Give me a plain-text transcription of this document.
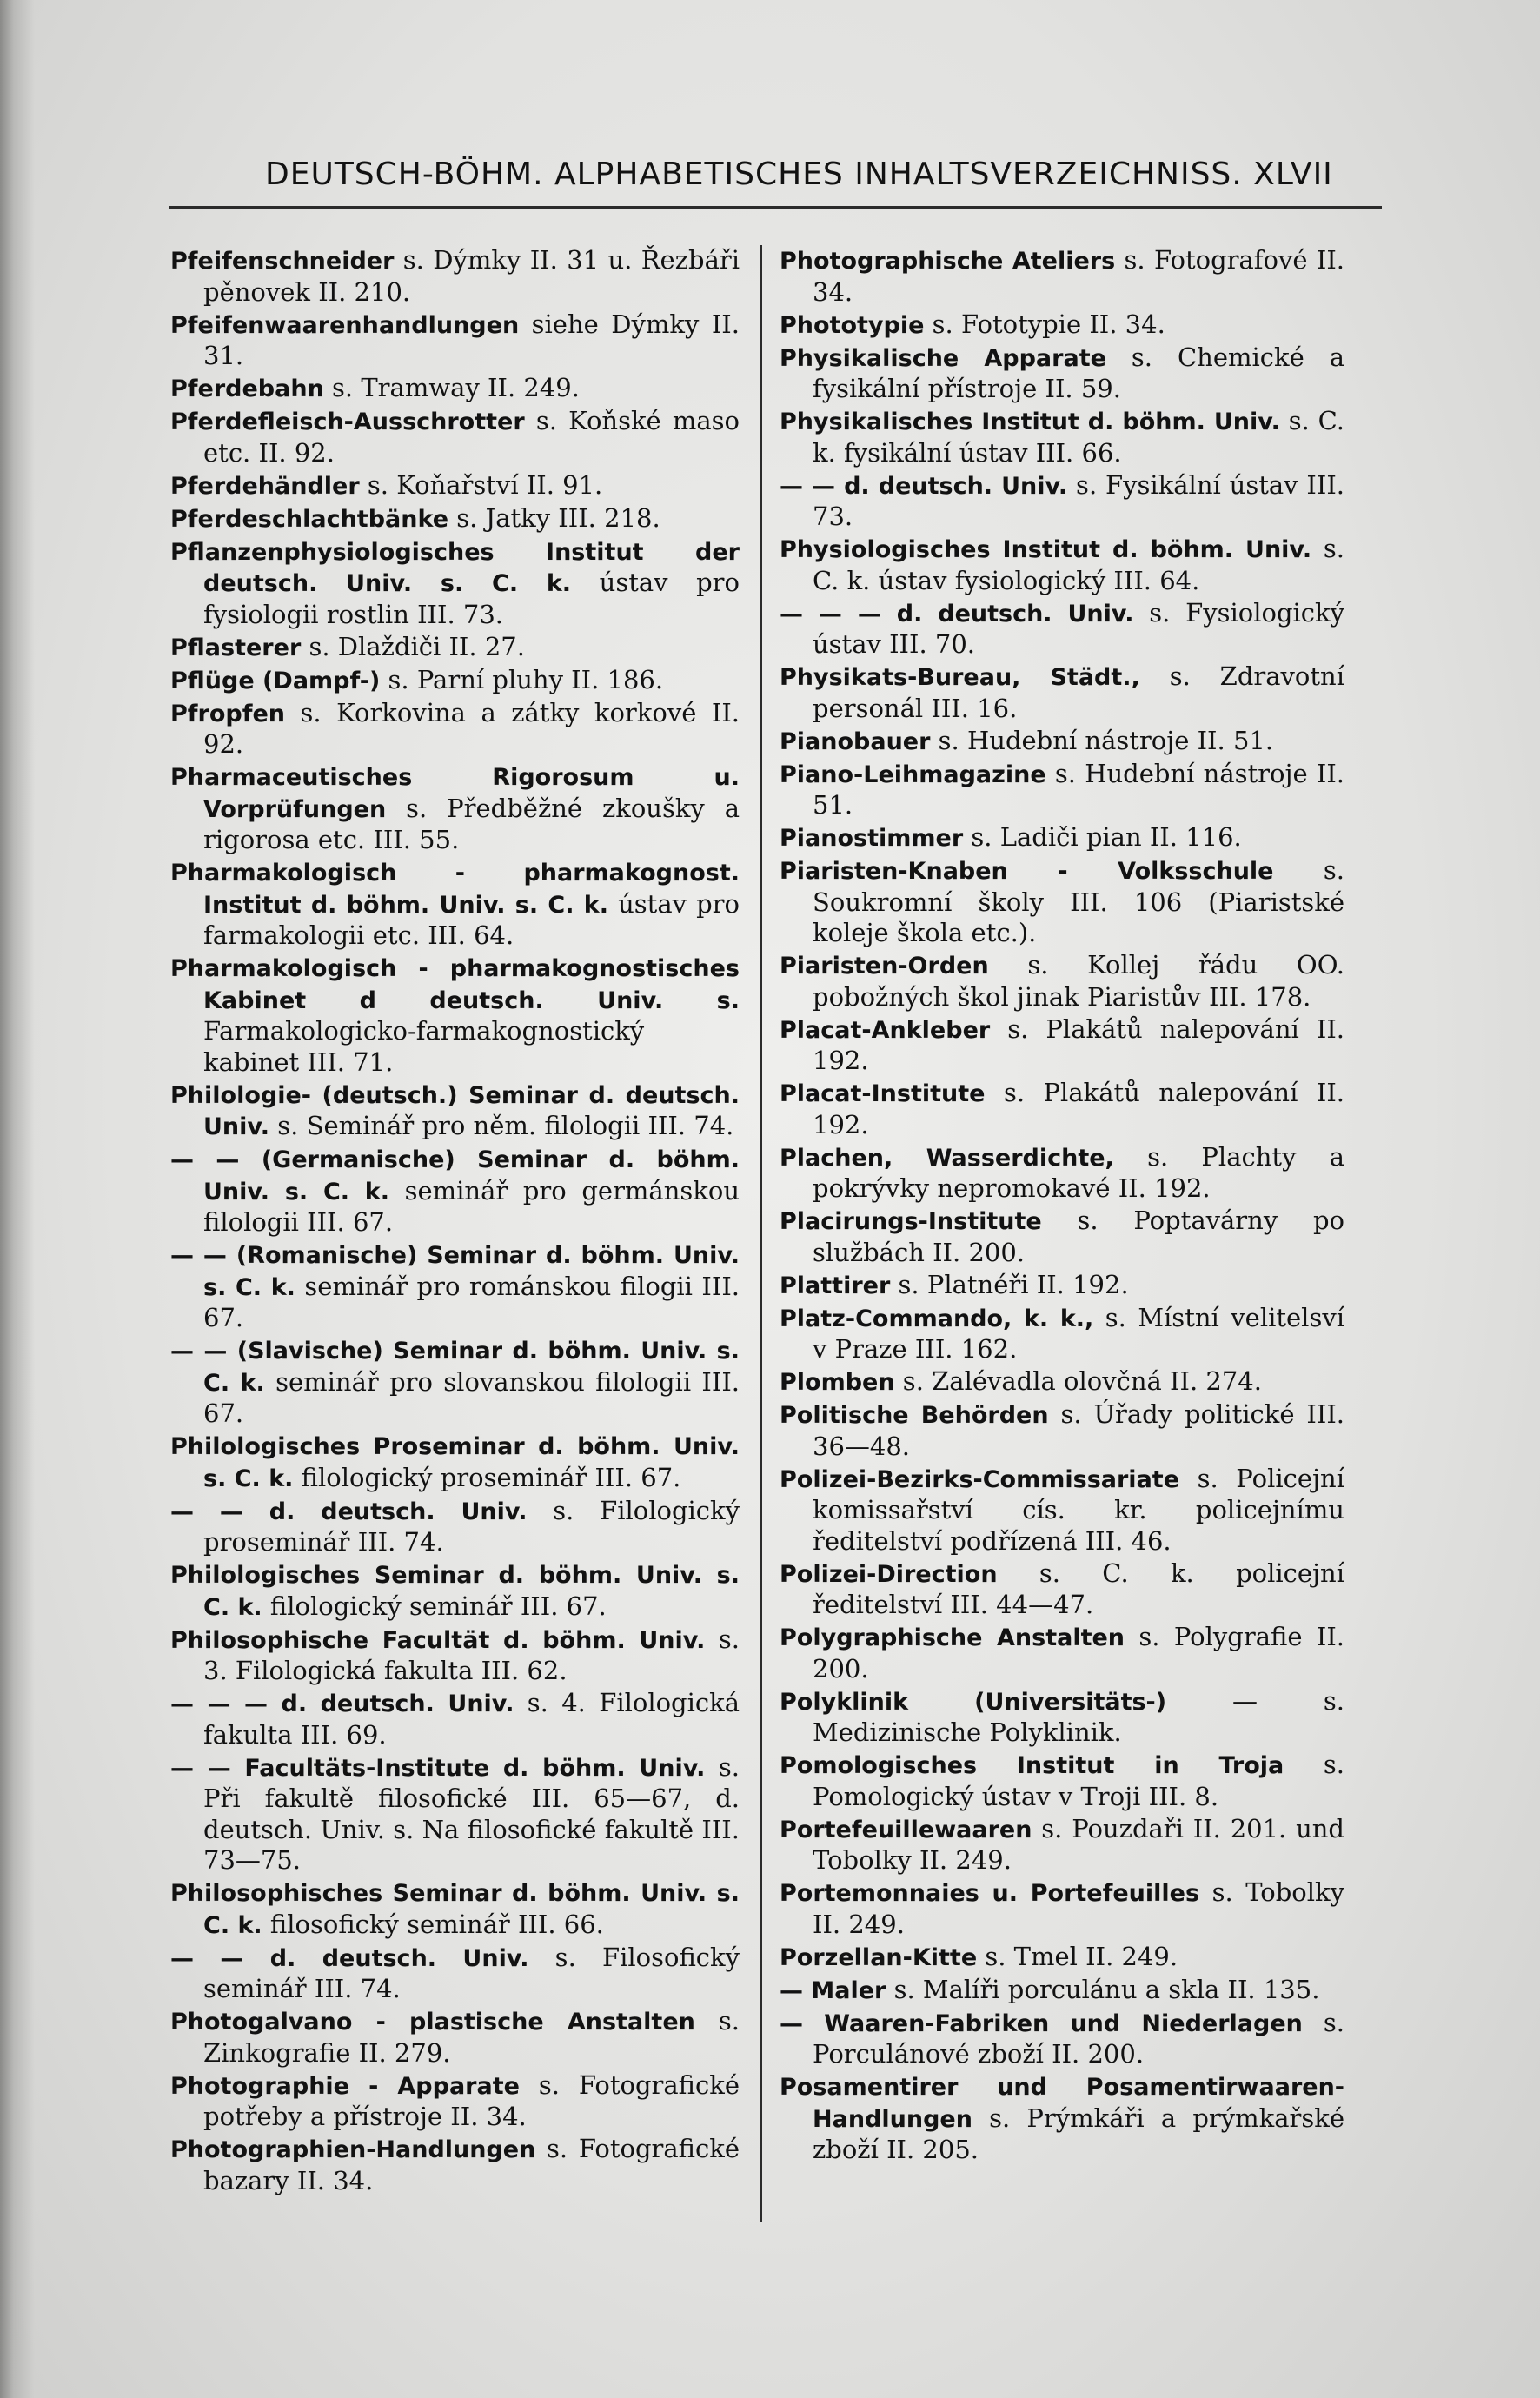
DEUTSCH-BÖHM. ALPHABETISCHES INHALTSVERZEICHNISS. XLVII

Pfeifenschneider s. Dýmky II. 31 u. Řezbáři pěnovek II. 210.

Pfeifenwaarenhandlungen siehe Dýmky II. 31.

Pferdebahn s. Tramway II. 249.

Pferdefleisch-Ausschrotter s. Koňské maso etc. II. 92.

Pferdehändler s. Koňařství II. 91.

Pferdeschlachtbänke s. Jatky III. 218.

Pflanzenphysiologisches Institut der deutsch. Univ. s. C. k. ústav pro fysiologii rostlin III. 73.

Pflasterer s. Dlaždiči II. 27.

Pflüge (Dampf-) s. Parní pluhy II. 186.

Pfropfen s. Korkovina a zátky korkové II. 92.

Pharmaceutisches Rigorosum u. Vorprüfungen s. Předběžné zkoušky a rigorosa etc. III. 55.

Pharmakologisch - pharmakognost. Institut d. böhm. Univ. s. C. k. ústav pro farmakologii etc. III. 64.

Pharmakologisch - pharmakognostisches Kabinet d deutsch. Univ. s. Farmakologicko-farmakognostický kabinet III. 71.

Philologie- (deutsch.) Seminar d. deutsch. Univ. s. Seminář pro něm. filologii III. 74.

— — (Germanische) Seminar d. böhm. Univ. s. C. k. seminář pro germánskou filologii III. 67.

— — (Romanische) Seminar d. böhm. Univ. s. C. k. seminář pro románskou filogii III. 67.

— — (Slavische) Seminar d. böhm. Univ. s. C. k. seminář pro slovanskou filologii III. 67.

Philologisches Proseminar d. böhm. Univ. s. C. k. filologický proseminář III. 67.

— — d. deutsch. Univ. s. Filologický proseminář III. 74.

Philologisches Seminar d. böhm. Univ. s. C. k. filologický seminář III. 67.

Philosophische Facultät d. böhm. Univ. s. 3. Filologická fakulta III. 62.

— — — d. deutsch. Univ. s. 4. Filologická fakulta III. 69.

— — Facultäts-Institute d. böhm. Univ. s. Při fakultě filosofické III. 65—67, d. deutsch. Univ. s. Na filosofické fakultě III. 73—75.

Philosophisches Seminar d. böhm. Univ. s. C. k. filosofický seminář III. 66.

— — d. deutsch. Univ. s. Filosofický seminář III. 74.

Photogalvano - plastische Anstalten s. Zinkografie II. 279.

Photographie - Apparate s. Fotografické potřeby a přístroje II. 34.

Photographien-Handlungen s. Fotografické bazary II. 34.

Photographische Ateliers s. Fotografové II. 34.

Phototypie s. Fototypie II. 34.

Physikalische Apparate s. Chemické a fysikální přístroje II. 59.

Physikalisches Institut d. böhm. Univ. s. C. k. fysikální ústav III. 66.

— — d. deutsch. Univ. s. Fysikální ústav III. 73.

Physiologisches Institut d. böhm. Univ. s. C. k. ústav fysiologický III. 64.

— — — d. deutsch. Univ. s. Fysiologický ústav III. 70.

Physikats-Bureau, Städt., s. Zdravotní personál III. 16.

Pianobauer s. Hudební nástroje II. 51.

Piano-Leihmagazine s. Hudební nástroje II. 51.

Pianostimmer s. Ladiči pian II. 116.

Piaristen-Knaben - Volksschule s. Soukromní školy III. 106 (Piaristské koleje škola etc.).

Piaristen-Orden s. Kollej řádu OO. pobožných škol jinak Piaristův III. 178.

Placat-Ankleber s. Plakátů nalepování II. 192.

Placat-Institute s. Plakátů nalepování II. 192.

Plachen, Wasserdichte, s. Plachty a pokrývky nepromokavé II. 192.

Placirungs-Institute s. Poptavárny po službách II. 200.

Plattirer s. Platnéři II. 192.

Platz-Commando, k. k., s. Místní velitelsví v Praze III. 162.

Plomben s. Zalévadla olovčná II. 274.

Politische Behörden s. Úřady politické III. 36—48.

Polizei-Bezirks-Commissariate s. Policejní komissařství cís. kr. policejnímu ředitelství podřízená III. 46.

Polizei-Direction s. C. k. policejní ředitelství III. 44—47.

Polygraphische Anstalten s. Polygrafie II. 200.

Polyklinik (Universitäts-) — s. Medizinische Polyklinik.

Pomologisches Institut in Troja s. Pomologický ústav v Troji III. 8.

Portefeuillewaaren s. Pouzdaři II. 201. und Tobolky II. 249.

Portemonnaies u. Portefeuilles s. Tobolky II. 249.

Porzellan-Kitte s. Tmel II. 249.

— Maler s. Malíři porculánu a skla II. 135.

— Waaren-Fabriken und Niederlagen s. Porculánové zboží II. 200.

Posamentirer und Posamentirwaaren-Handlungen s. Prýmkáři a prýmkařské zboží II. 205.
